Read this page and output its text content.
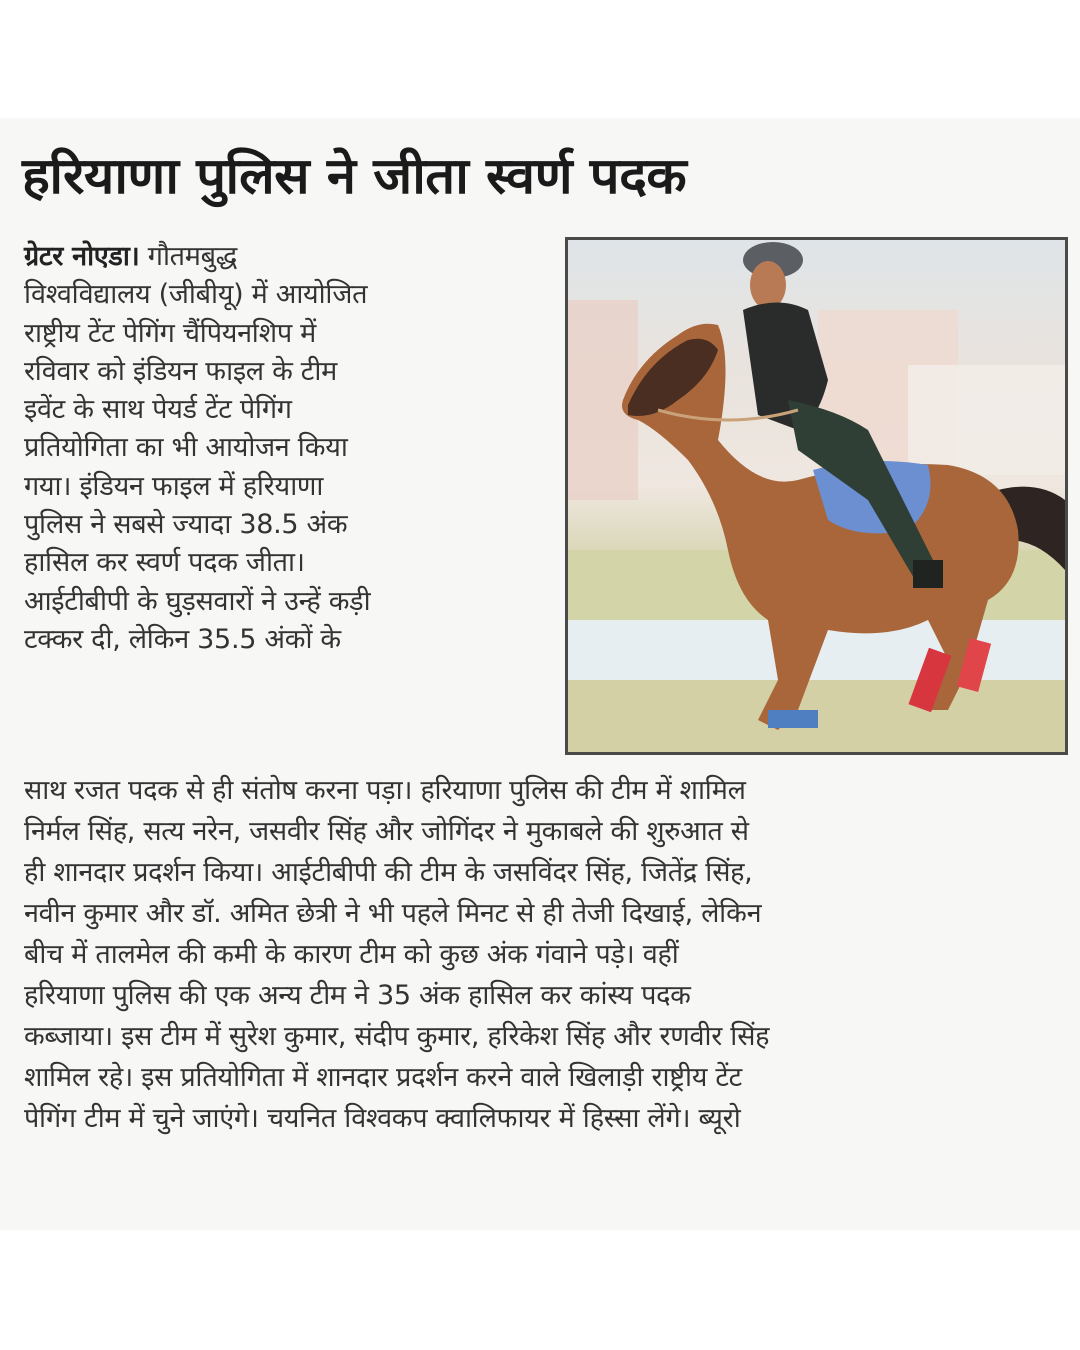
हरियाणा पुलिस ने जीता स्वर्ण पदक
ग्रेटर नोएडा। गौतमबुद्ध
विश्वविद्यालय (जीबीयू) में आयोजित
राष्ट्रीय टेंट पेगिंग चैंपियनशिप में
रविवार को इंडियन फाइल के टीम
इवेंट के साथ पेयर्ड टेंट पेगिंग
प्रतियोगिता का भी आयोजन किया
गया। इंडियन फाइल में हरियाणा
पुलिस ने सबसे ज्यादा 38.5 अंक
हासिल कर स्वर्ण पदक जीता।
आईटीबीपी के घुड़सवारों ने उन्हें कड़ी
टक्कर दी, लेकिन 35.5 अंकों के
साथ रजत पदक से ही संतोष करना पड़ा। हरियाणा पुलिस की टीम में शामिल
निर्मल सिंह, सत्य नरेन, जसवीर सिंह और जोगिंदर ने मुकाबले की शुरुआत से
ही शानदार प्रदर्शन किया। आईटीबीपी की टीम के जसविंदर सिंह, जितेंद्र सिंह,
नवीन कुमार और डॉ. अमित छेत्री ने भी पहले मिनट से ही तेजी दिखाई, लेकिन
बीच में तालमेल की कमी के कारण टीम को कुछ अंक गंवाने पड़े। वहीं
हरियाणा पुलिस की एक अन्य टीम ने 35 अंक हासिल कर कांस्य पदक
कब्जाया। इस टीम में सुरेश कुमार, संदीप कुमार, हरिकेश सिंह और रणवीर सिंह
शामिल रहे। इस प्रतियोगिता में शानदार प्रदर्शन करने वाले खिलाड़ी राष्ट्रीय टेंट
पेगिंग टीम में चुने जाएंगे। चयनित विश्वकप क्वालिफायर में हिस्सा लेंगे। ब्यूरो
